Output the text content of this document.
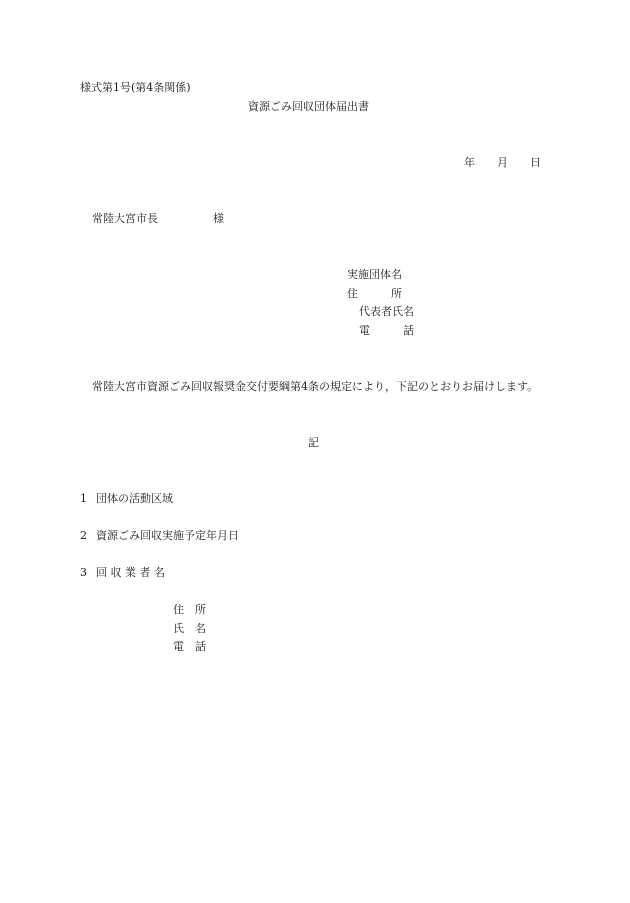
様式第1号(第4条関係)
資源ごみ回収団体届出書
年　　月　　日
常陸大宮市長　　　　　様
実施団体名
住　　　所
代表者氏名
電　　　話
常陸大宮市資源ごみ回収報奨金交付要綱第4条の規定により，下記のとおりお届けします。
記
1 団体の活動区域
2 資源ごみ回収実施予定年月日
3 回 収 業 者 名
住　所
氏　名
電　話
